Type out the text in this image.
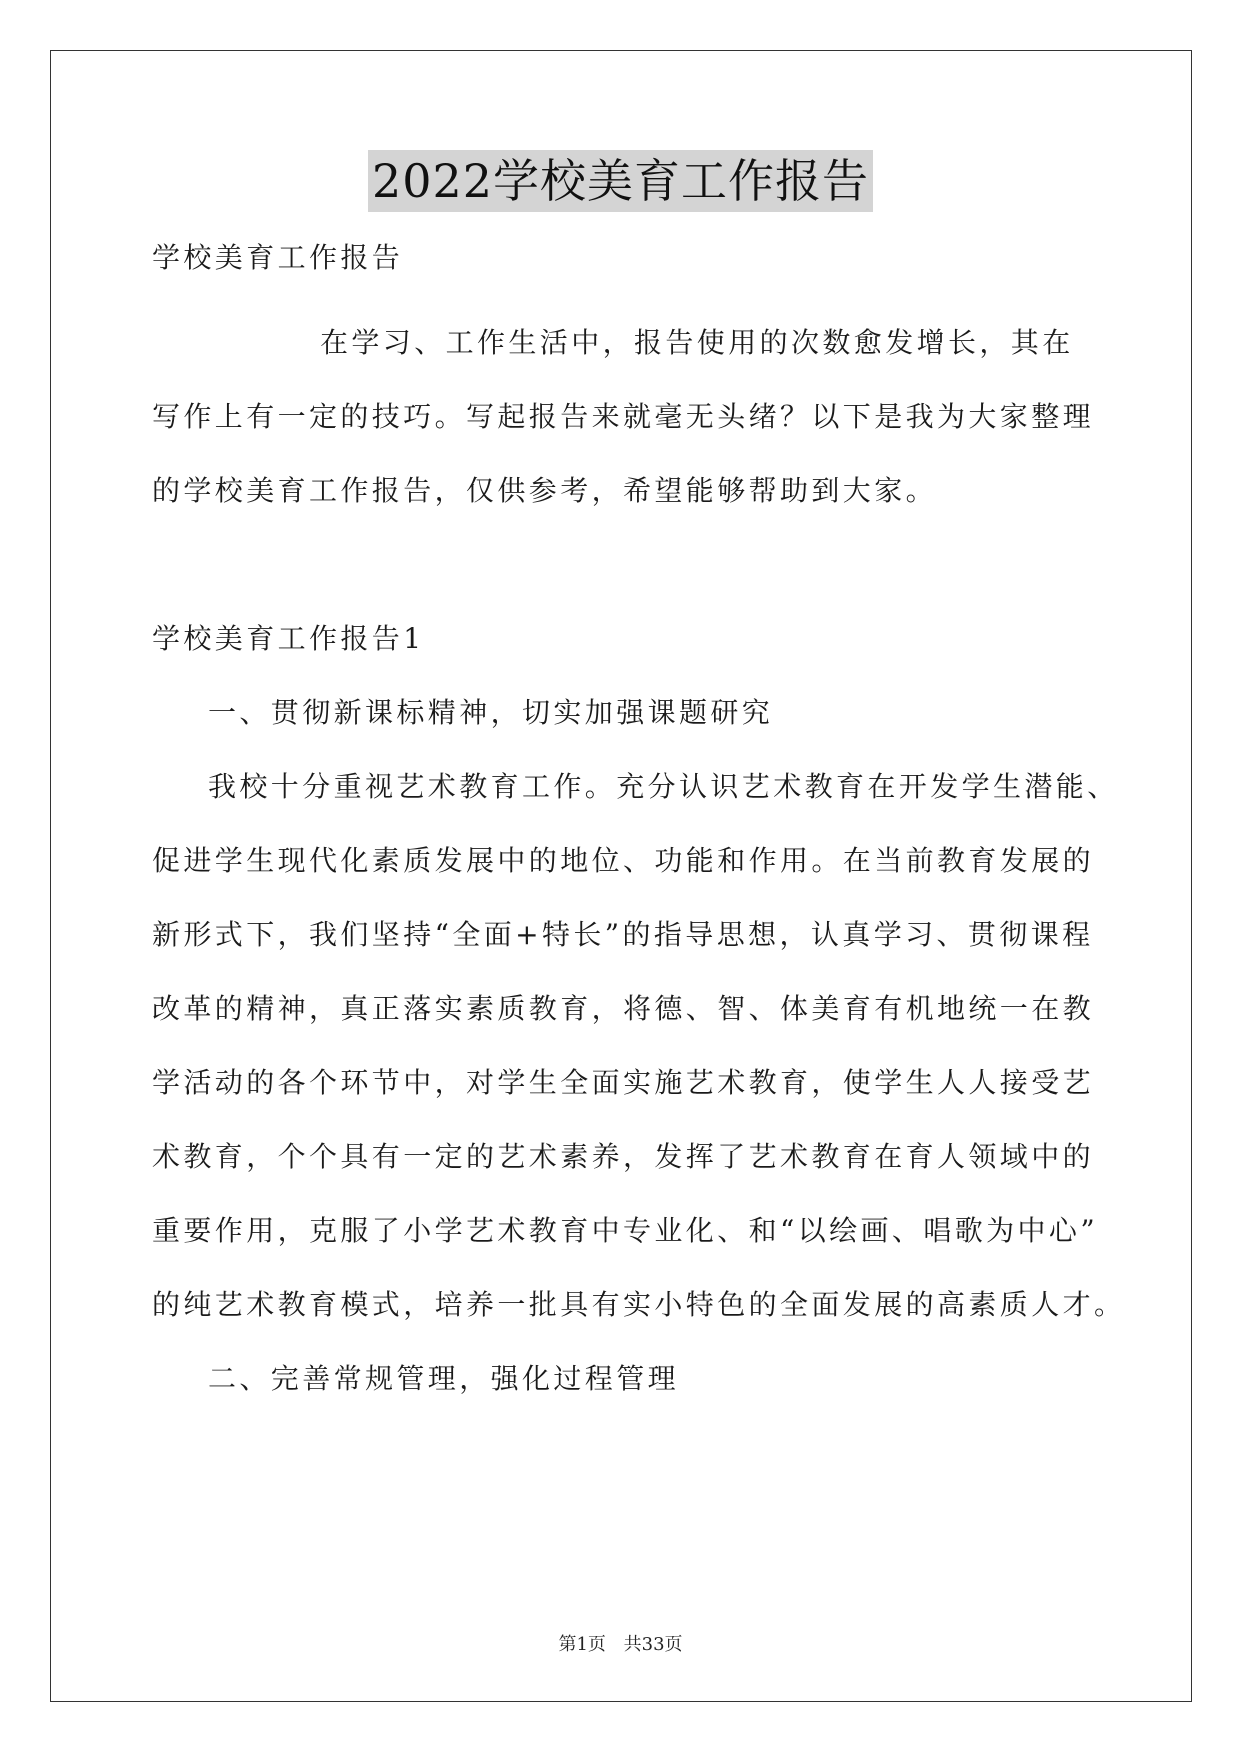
2022学校美育工作报告

学校美育工作报告

在学习、工作生活中，报告使用的次数愈发增长，其在

写作上有一定的技巧。写起报告来就毫无头绪？以下是我为大家整理

的学校美育工作报告，仅供参考，希望能够帮助到大家。

学校美育工作报告1

一、贯彻新课标精神，切实加强课题研究

我校十分重视艺术教育工作。充分认识艺术教育在开发学生潜能、

促进学生现代化素质发展中的地位、功能和作用。在当前教育发展的

新形式下，我们坚持“全面+特长”的指导思想，认真学习、贯彻课程

改革的精神，真正落实素质教育，将德、智、体美育有机地统一在教

学活动的各个环节中，对学生全面实施艺术教育，使学生人人接受艺

术教育，个个具有一定的艺术素养，发挥了艺术教育在育人领域中的

重要作用，克服了小学艺术教育中专业化、和“以绘画、唱歌为中心”

的纯艺术教育模式，培养一批具有实小特色的全面发展的高素质人才。

二、完善常规管理，强化过程管理

第1页 共33页
